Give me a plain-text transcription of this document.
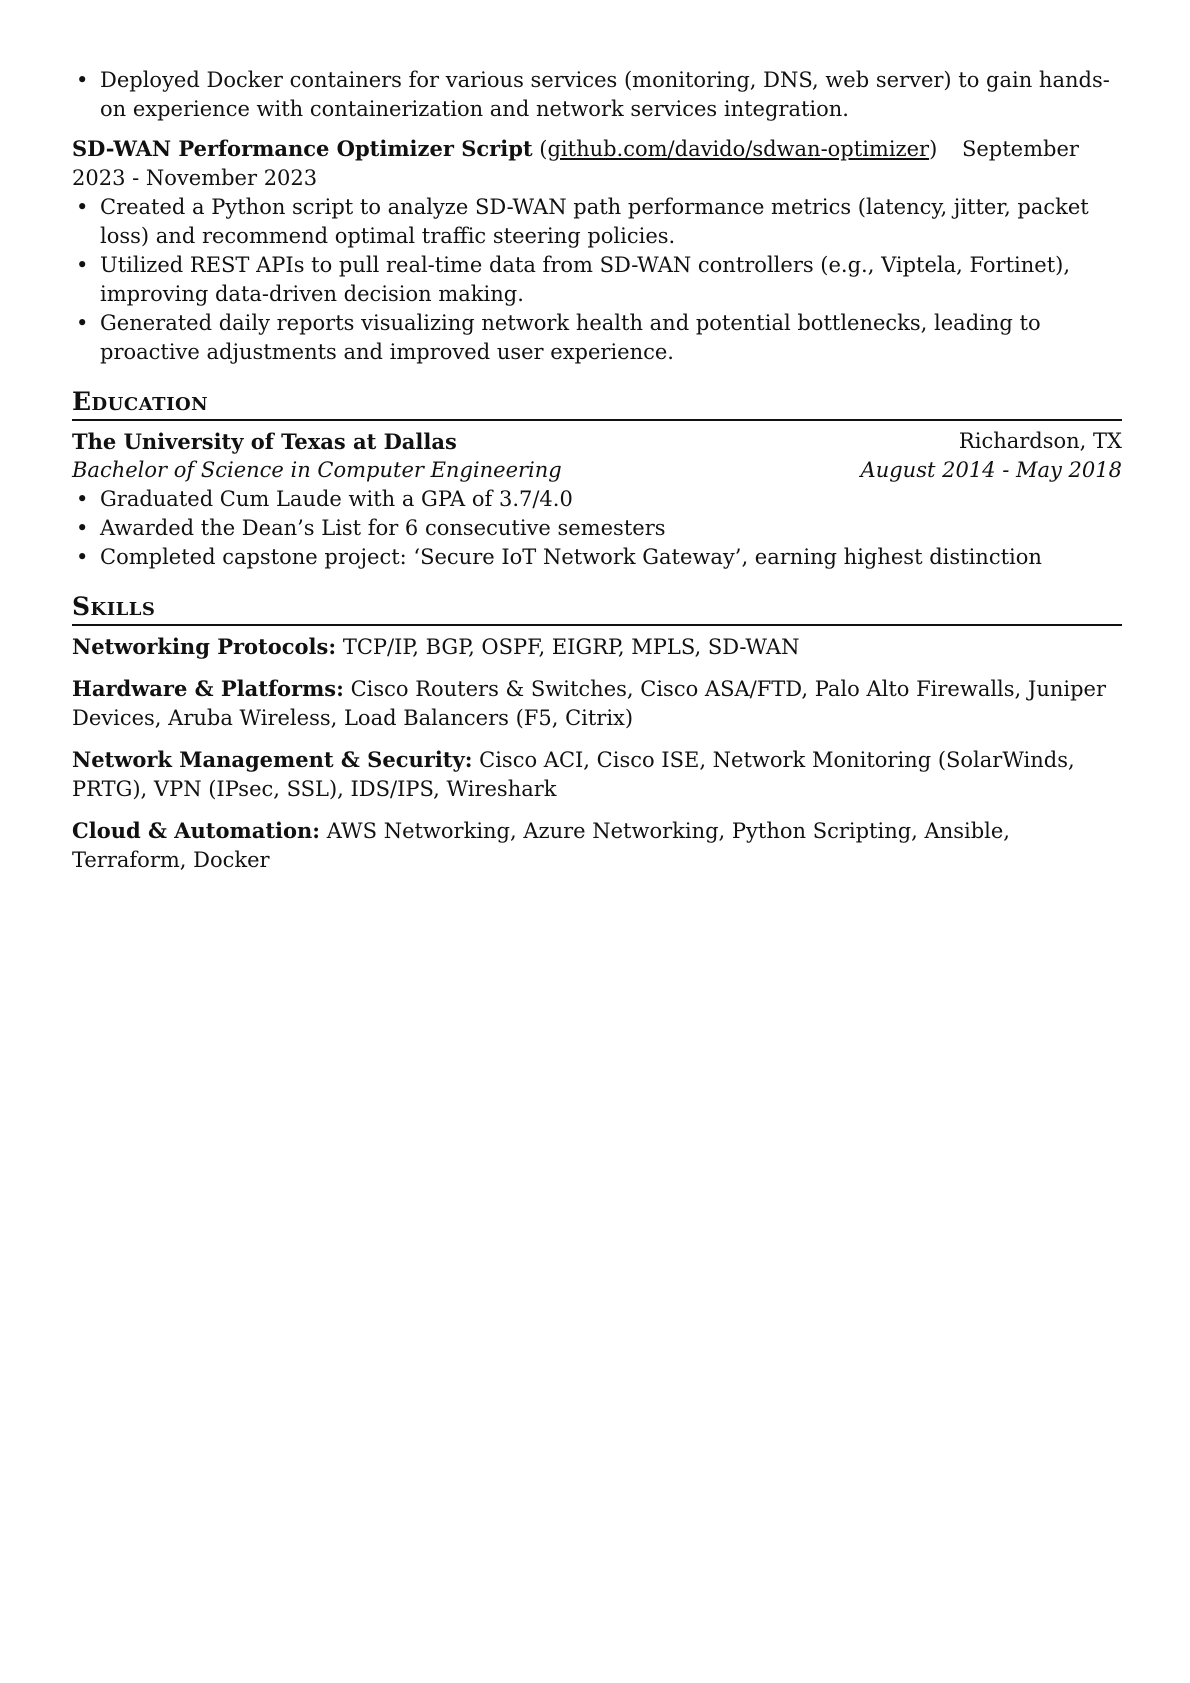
• Deployed Docker containers for various services (monitoring, DNS, web server) to gain hands-on experience with containerization and network services integration.
SD-WAN Performance Optimizer Script (github.com/davido/sdwan-optimizer) September 2023 - November 2023
• Created a Python script to analyze SD-WAN path performance metrics (latency, jitter, packet loss) and recommend optimal traffic steering policies.
• Utilized REST APIs to pull real-time data from SD-WAN controllers (e.g., Viptela, Fortinet), improving data-driven decision making.
• Generated daily reports visualizing network health and potential bottlenecks, leading to proactive adjustments and improved user experience.
Education
The University of Texas at Dallas	Richardson, TX
Bachelor of Science in Computer Engineering	August 2014 - May 2018
• Graduated Cum Laude with a GPA of 3.7/4.0
• Awarded the Dean’s List for 6 consecutive semesters
• Completed capstone project: ‘Secure IoT Network Gateway’, earning highest distinction
Skills
Networking Protocols: TCP/IP, BGP, OSPF, EIGRP, MPLS, SD-WAN
Hardware & Platforms: Cisco Routers & Switches, Cisco ASA/FTD, Palo Alto Firewalls, Juniper Devices, Aruba Wireless, Load Balancers (F5, Citrix)
Network Management & Security: Cisco ACI, Cisco ISE, Network Monitoring (SolarWinds, PRTG), VPN (IPsec, SSL), IDS/IPS, Wireshark
Cloud & Automation: AWS Networking, Azure Networking, Python Scripting, Ansible, Terraform, Docker
